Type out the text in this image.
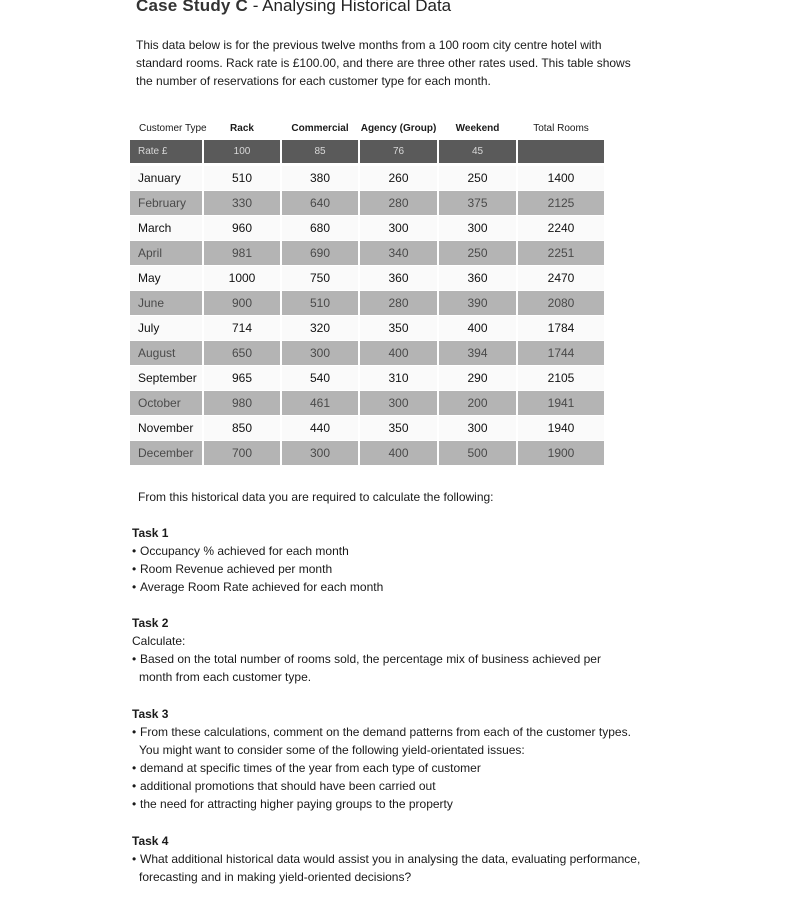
Case Study C - Analysing Historical Data

This data below is for the previous twelve months from a 100 room city centre hotel with

standard rooms. Rack rate is £100.00, and there are three other rates used. This table shows

the number of reservations for each customer type for each month.

Customer Type	Rack	Commercial	Agency (Group)	Weekend	Total Rooms
Rate £	100	85	76	45
January	510	380	260	250	1400
February	330	640	280	375	2125
March	960	680	300	300	2240
April	981	690	340	250	2251
May	1000	750	360	360	2470
June	900	510	280	390	2080
July	714	320	350	400	1784
August	650	300	400	394	1744
September	965	540	310	290	2105
October	980	461	300	200	1941
November	850	440	350	300	1940
December	700	300	400	500	1900

From this historical data you are required to calculate the following:

Task 1

• Occupancy % achieved for each month

• Room Revenue achieved per month

• Average Room Rate achieved for each month

Task 2

Calculate:

• Based on the total number of rooms sold, the percentage mix of business achieved per

month from each customer type.

Task 3

• From these calculations, comment on the demand patterns from each of the customer types.

You might want to consider some of the following yield-orientated issues:

• demand at specific times of the year from each type of customer

• additional promotions that should have been carried out

• the need for attracting higher paying groups to the property

Task 4

• What additional historical data would assist you in analysing the data, evaluating performance,

forecasting and in making yield-oriented decisions?
